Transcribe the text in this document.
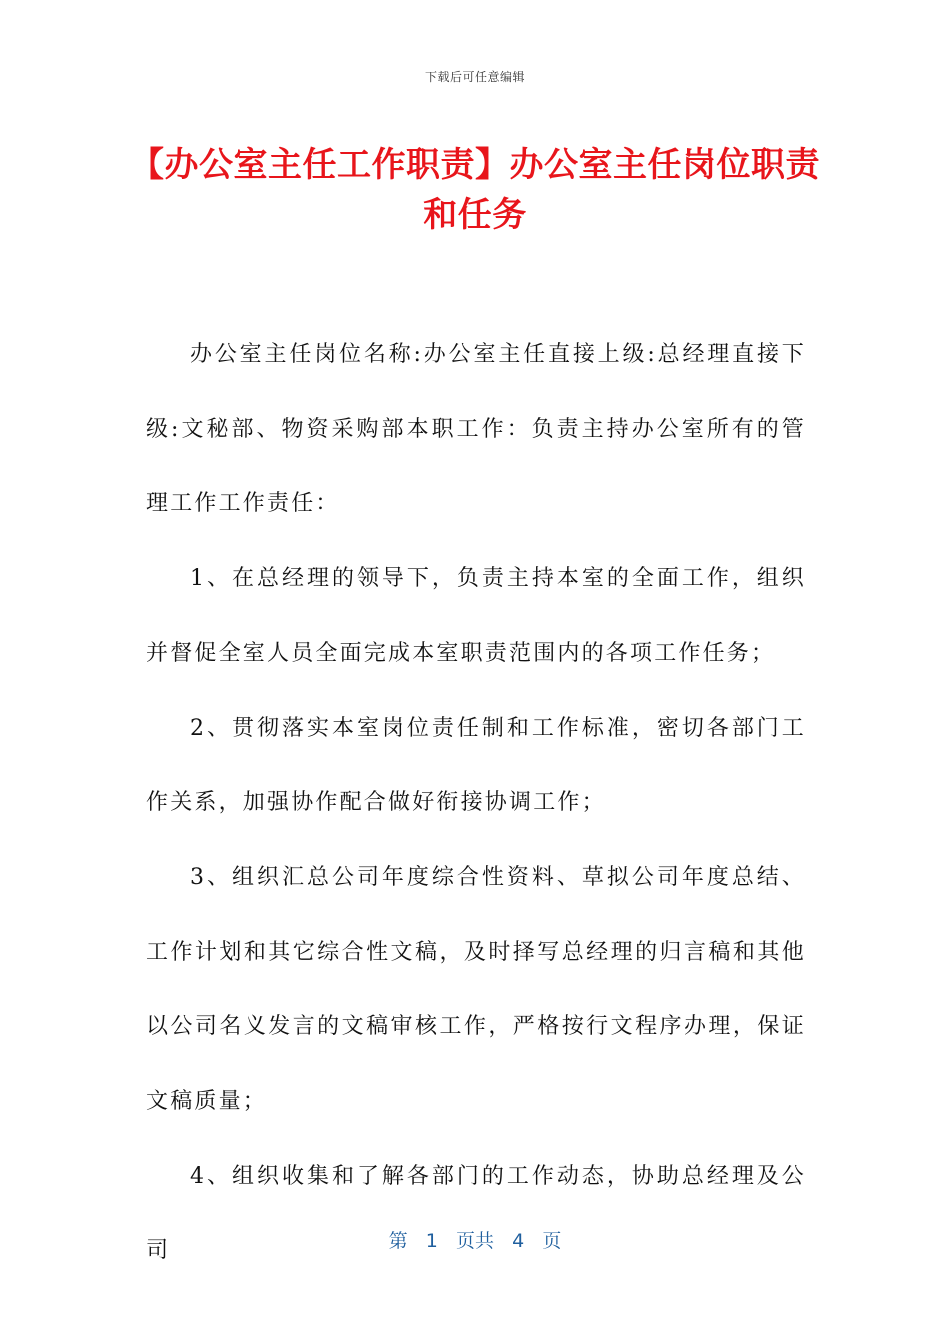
下载后可任意编辑
【办公室主任工作职责】办公室主任岗位职责和任务

办公室主任岗位名称:办公室主任直接上级:总经理直接下级:文秘部、物资采购部本职工作：负责主持办公室所有的管理工作工作责任：

1、在总经理的领导下，负责主持本室的全面工作，组织并督促全室人员全面完成本室职责范围内的各项工作任务；

2、贯彻落实本室岗位责任制和工作标准，密切各部门工作关系，加强协作配合做好衔接协调工作；

3、组织汇总公司年度综合性资料、草拟公司年度总结、工作计划和其它综合性文稿，及时择写总经理的归言稿和其他以公司名义发言的文稿审核工作，严格按行文程序办理，保证文稿质量；

4、组织收集和了解各部门的工作动态，协助总经理及公司	第 1 页共 4 页
